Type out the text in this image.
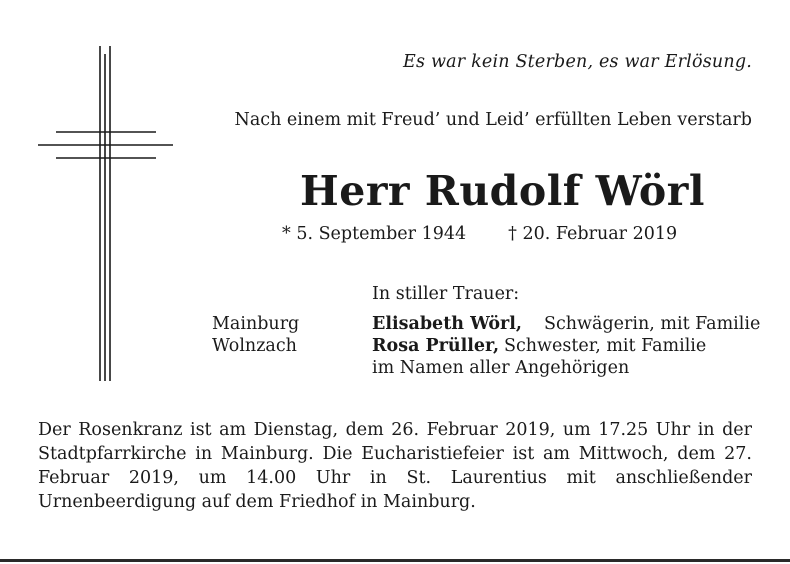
Es war kein Sterben, es war Erlösung.
Nach einem mit Freud’ und Leid’ erfüllten Leben verstarb
Herr Rudolf Wörl
* 5. September 1944 † 20. Februar 2019
In stiller Trauer:
Mainburg	Elisabeth Wörl, Schwägerin, mit Familie
Wolnzach	Rosa Prüller, Schwester, mit Familie
im Namen aller Angehörigen
Der Rosenkranz ist am Dienstag, dem 26. Februar 2019, um 17.25 Uhr in der Stadtpfarrkirche in Mainburg. Die Eucharistiefeier ist am Mittwoch, dem 27. Februar 2019, um 14.00 Uhr in St. Laurentius mit anschließender Urnenbeerdigung auf dem Friedhof in Mainburg.
